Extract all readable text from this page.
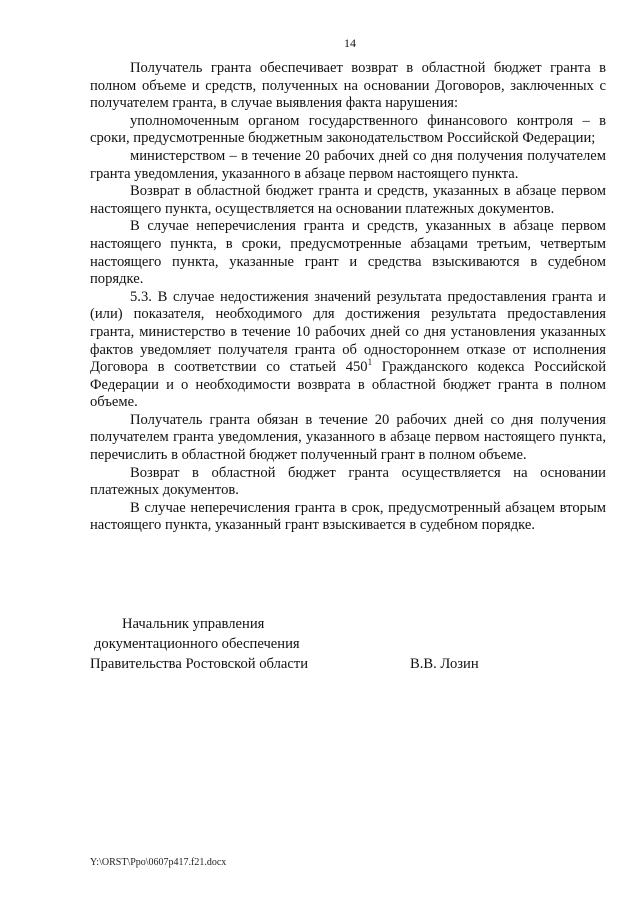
14

Получатель гранта обеспечивает возврат в областной бюджет гранта в полном объеме и средств, полученных на основании Договоров, заключенных с получателем гранта, в случае выявления факта нарушения:

уполномоченным органом государственного финансового контроля – в сроки, предусмотренные бюджетным законодательством Российской Федерации;

министерством – в течение 20 рабочих дней со дня получения получателем гранта уведомления, указанного в абзаце первом настоящего пункта.

Возврат в областной бюджет гранта и средств, указанных в абзаце первом настоящего пункта, осуществляется на основании платежных документов.

В случае неперечисления гранта и средств, указанных в абзаце первом настоящего пункта, в сроки, предусмотренные абзацами третьим, четвертым настоящего пункта, указанные грант и средства взыскиваются в судебном порядке.

5.3. В случае недостижения значений результата предоставления гранта и (или) показателя, необходимого для достижения результата предоставления гранта, министерство в течение 10 рабочих дней со дня установления указанных фактов уведомляет получателя гранта об одностороннем отказе от исполнения Договора в соответствии со статьей $450^1$ Гражданского кодекса Российской Федерации и о необходимости возврата в областной бюджет гранта в полном объеме.

Получатель гранта обязан в течение 20 рабочих дней со дня получения получателем гранта уведомления, указанного в абзаце первом настоящего пункта, перечислить в областной бюджет полученный грант в полном объеме.

Возврат в областной бюджет гранта осуществляется на основании платежных документов.

В случае неперечисления гранта в срок, предусмотренный абзацем вторым настоящего пункта, указанный грант взыскивается в судебном порядке.

Начальник управления
документационного обеспечения
Правительства Ростовской области	В.В. Лозин
Y:\ORST\Ppo\0607p417.f21.docx
